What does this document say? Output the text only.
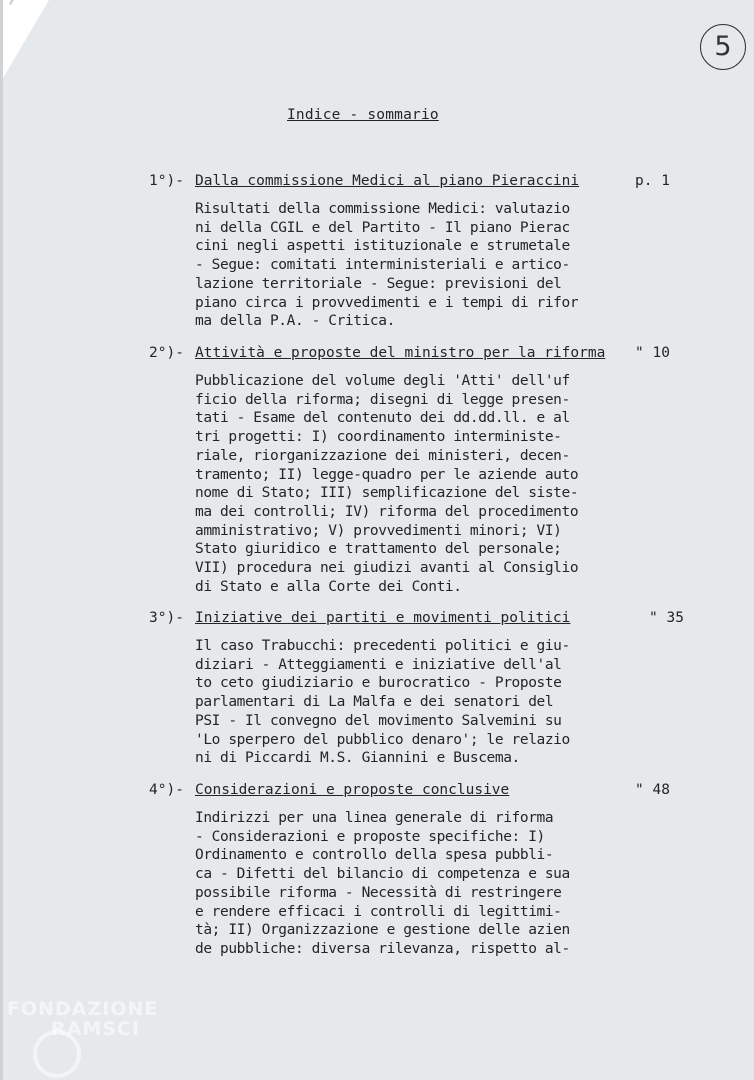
5
Indice - sommario
1°)- Dalla commissione Medici al piano Pieraccini	p. 1
Risultati della commissione Medici: valutazio
ni della CGIL e del Partito - Il piano Pierac
cini negli aspetti istituzionale e strumetale
- Segue: comitati interministeriali e artico-
lazione territoriale - Segue: previsioni del
piano circa i provvedimenti e i tempi di rifor
ma della P.A. - Critica.
2°)- Attività e proposte del ministro per la riforma " 10
Pubblicazione del volume degli 'Atti' dell'uf
ficio della riforma; disegni di legge presen-
tati - Esame del contenuto dei dd.dd.ll. e al
tri progetti: I) coordinamento interministe-
riale, riorganizzazione dei ministeri, decen-
tramento; II) legge-quadro per le aziende auto
nome di Stato; III) semplificazione del siste-
ma dei controlli; IV) riforma del procedimento
amministrativo; V) provvedimenti minori; VI)
Stato giuridico e trattamento del personale;
VII) procedura nei giudizi avanti al Consiglio
di Stato e alla Corte dei Conti.
3°)- Iniziative dei partiti e movimenti politici	" 35
Il caso Trabucchi: precedenti politici e giu-
diziari - Atteggiamenti e iniziative dell'al
to ceto giudiziario e burocratico - Proposte
parlamentari di La Malfa e dei senatori del
PSI - Il convegno del movimento Salvemini su
'Lo sperpero del pubblico denaro'; le relazio
ni di Piccardi M.S. Giannini e Buscema.
4°)- Considerazioni e proposte conclusive	" 48
Indirizzi per una linea generale di riforma
- Considerazioni e proposte specifiche: I)
Ordinamento e controllo della spesa pubbli-
ca - Difetti del bilancio di competenza e sua
possibile riforma - Necessità di restringere
e rendere efficaci i controlli di legittimi-
tà; II) Organizzazione e gestione delle azien
de pubbliche: diversa rilevanza, rispetto al-
FONDAZIONE
RAMSCI
